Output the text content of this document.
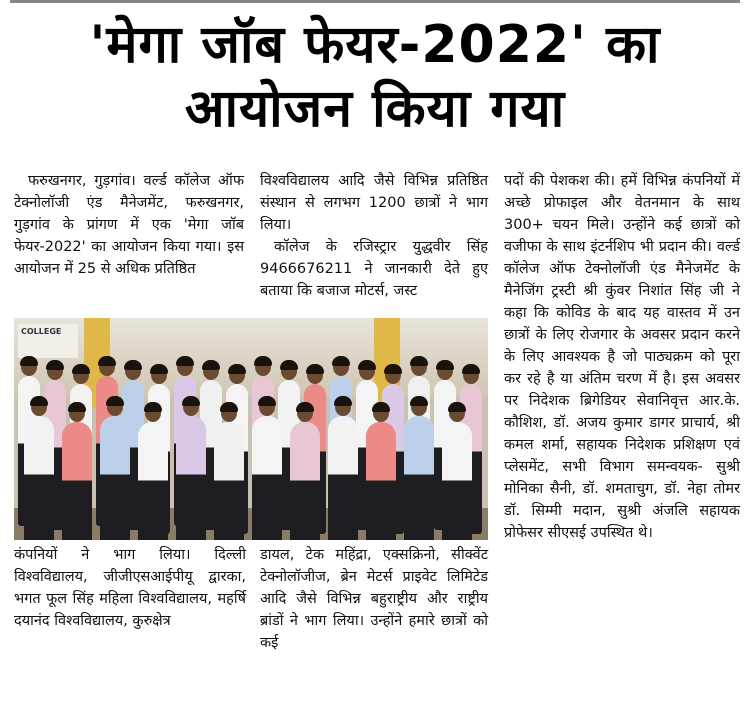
'मेगा जॉब फेयर-2022' का
आयोजन किया गया

फरुखनगर, गुड़गांव। वर्ल्ड कॉलेज ऑफ टेक्नोलॉजी एंड मैनेजमेंट, फरुखनगर, गुड़गांव के प्रांगण में एक 'मेगा जॉब फेयर-2022' का आयोजन किया गया। इस आयोजन में 25 से अधिक प्रतिष्ठित

विश्वविद्यालय आदि जैसे विभिन्न प्रतिष्ठित संस्थान से लगभग 1200 छात्रों ने भाग लिया।

कॉलेज के रजिस्ट्रार युद्धवीर सिंह 9466676211 ने जानकारी देते हुए बताया कि बजाज मोटर्स, जस्ट

पदों की पेशकश की। हमें विभिन्न कंपनियों में अच्छे प्रोफाइल और वेतनमान के साथ 300+ चयन मिले। उन्होंने कई छात्रों को वजीफा के साथ इंटर्नशिप भी प्रदान की। वर्ल्ड कॉलेज ऑफ टेक्नोलॉजी एंड मैनेजमेंट के मैनेजिंग ट्रस्टी श्री कुंवर निशांत सिंह जी ने कहा कि कोविड के बाद यह वास्तव में उन छात्रों के लिए रोजगार के अवसर प्रदान करने के लिए आवश्यक है जो पाठ्यक्रम को पूरा कर रहे है या अंतिम चरण में है। इस अवसर पर निदेशक ब्रिगेडियर सेवानिवृत्त आर.के. कौशिश, डॉ. अजय कुमार डागर प्राचार्य, श्री कमल शर्मा, सहायक निदेशक प्रशिक्षण एवं प्लेसमेंट, सभी विभाग समन्वयक- सुश्री मोनिका सैनी, डॉ. शमताचुग, डॉ. नेहा तोमर डॉ. सिम्मी मदान, सुश्री अंजलि सहायक प्रोफेसर सीएसई उपस्थित थे।

COLLEGE

कंपनियों ने भाग लिया। दिल्ली विश्वविद्यालय, जीजीएसआईपीयू द्वारका, भगत फूल सिंह महिला विश्वविद्यालय, महर्षि दयानंद विश्वविद्यालय, कुरुक्षेत्र

डायल, टेक महिंद्रा, एक्सक्रिनो, सीक्वेंट टेक्नोलॉजीज, ब्रेन मेटर्स प्राइवेट लिमिटेड आदि जैसे विभिन्न बहुराष्ट्रीय और राष्ट्रीय ब्रांडों ने भाग लिया। उन्होंने हमारे छात्रों को कई
